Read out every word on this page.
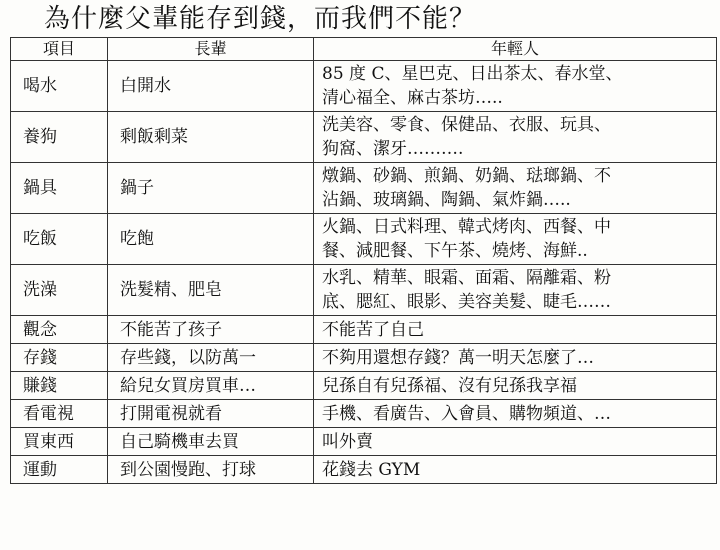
為什麼父輩能存到錢，而我們不能？
項目	長輩	年輕人
喝水	白開水	85 度 C、星巴克、日出茶太、春水堂、
清心福全、麻古茶坊…..

養狗	剩飯剩菜	洗美容、零食、保健品、衣服、玩具、
狗窩、潔牙……….

鍋具	鍋子	燉鍋、砂鍋、煎鍋、奶鍋、琺瑯鍋、不
沾鍋、玻璃鍋、陶鍋、氣炸鍋…..

吃飯	吃飽	火鍋、日式料理、韓式烤肉、西餐、中
餐、減肥餐、下午茶、燒烤、海鮮..

洗澡	洗髮精、肥皂	水乳、精華、眼霜、面霜、隔離霜、粉
底、腮紅、眼影、美容美髮、睫毛……

觀念	不能苦了孩子	不能苦了自己

存錢	存些錢，以防萬一	不夠用還想存錢？萬一明天怎麼了…

賺錢	給兒女買房買車…	兒孫自有兒孫福、沒有兒孫我享福

看電視	打開電視就看	手機、看廣告、入會員、購物頻道、…

買東西	自己騎機車去買	叫外賣

運動	到公園慢跑、打球	花錢去 GYM
